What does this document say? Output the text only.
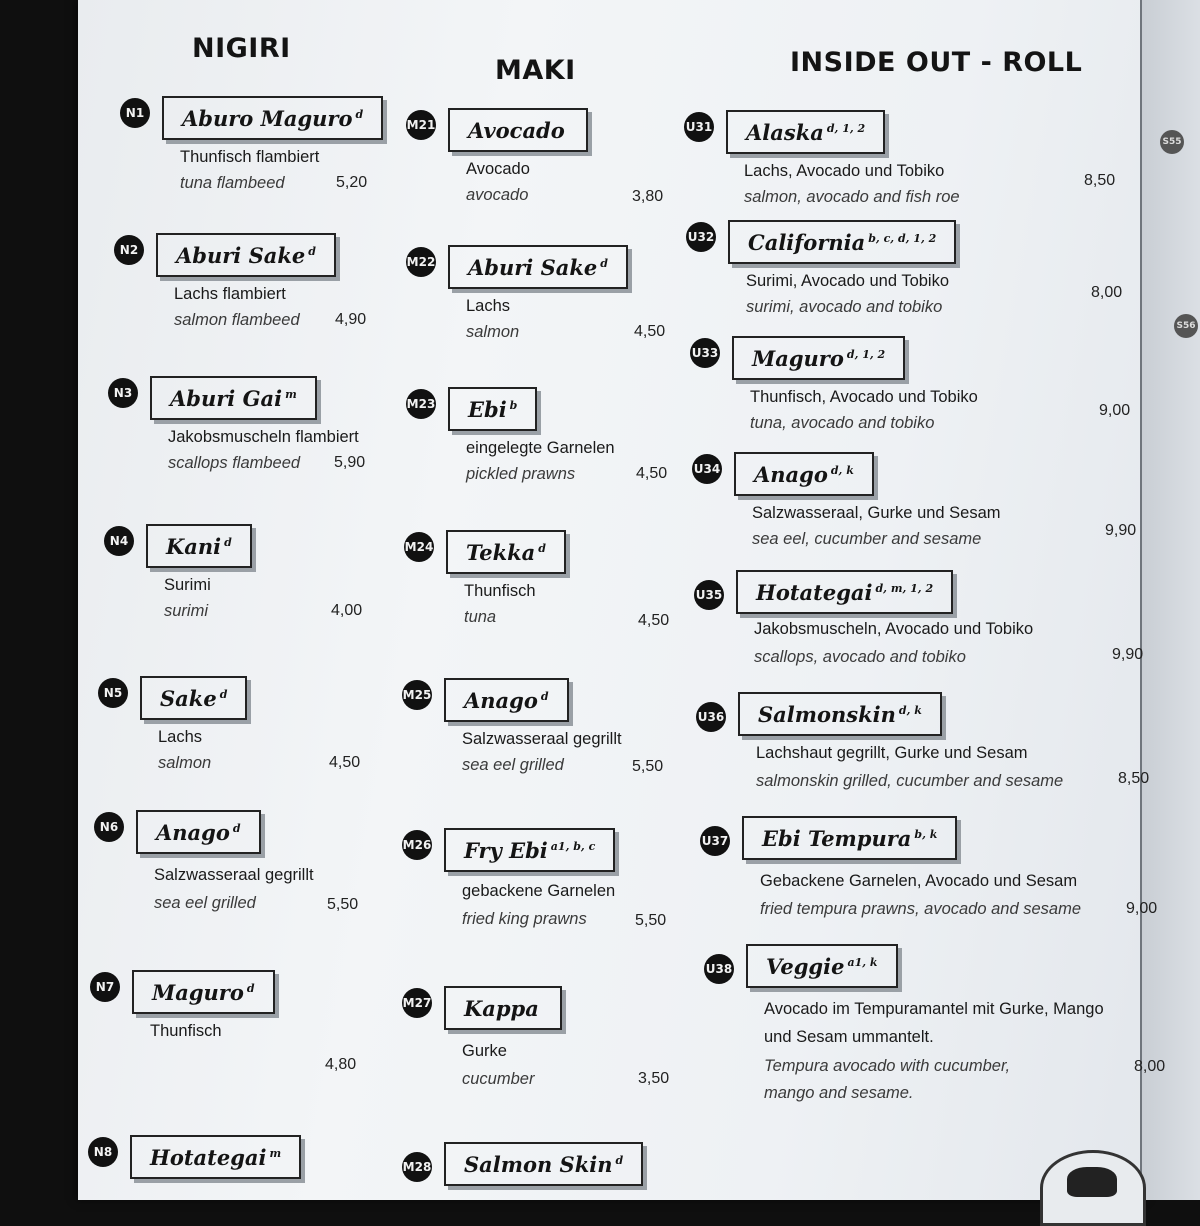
S55
S56
NIGIRI
MAKI	INSIDE OUT - ROLL
N1 Aburo Maguro $^d$
Thunfisch flambiert
tuna flambeed	5,20
N2 Aburi Sake $^d$
Lachs flambiert
salmon flambeed 4,90
N3 Aburi Gai $^m$
Jakobsmuscheln flambiert
scallops flambeed 5,90
N4 Kani $^d$
Surimi
surimi	4,00
N5 Sake $^d$
Lachs
salmon	4,50
N6 Anago $^d$
Salzwasseraal gegrillt
sea eel grilled	5,50
N7 Maguro $^d$
Thunfisch
4,80
N8 Hotategai $^m$
M21 Avocado
Avocado
avocado	3,80
M22 Aburi Sake $^d$
Lachs
salmon	4,50
M23 Ebi $^b$
eingelegte Garnelen
pickled prawns	4,50
M24 Tekka $^d$
Thunfisch
tuna	4,50
M25 Anago $^d$
Salzwasseraal gegrillt
sea eel grilled	5,50
M26 Fry Ebi $^{a1, b, c}$
gebackene Garnelen
fried king prawns	5,50
M27 Kappa
Gurke
cucumber	3,50
M28 Salmon Skin $^d$
U31 Alaska $^{d, 1, 2}$
Lachs, Avocado und Tobiko
salmon, avocado and fish roe
8,50
U32 California $^{b, c, d, 1, 2}$
Surimi, Avocado und Tobiko
surimi, avocado and tobiko
8,00
U33 Maguro $^{d, 1, 2}$
Thunfisch, Avocado und Tobiko
tuna, avocado and tobiko
9,00
U34 Anago $^{d, k}$
Salzwasseraal, Gurke und Sesam
sea eel, cucumber and sesame	9,90
U35 Hotategai $^{d, m, 1, 2}$
Jakobsmuscheln, Avocado und Tobiko
scallops, avocado and tobiko	9,90
U36 Salmonskin $^{d, k}$
Lachshaut gegrillt, Gurke und Sesam
salmonskin grilled, cucumber and sesame	8,50
U37 Ebi Tempura $^{b, k}$
Gebackene Garnelen, Avocado und Sesam
fried tempura prawns, avocado and sesame	9,00
U38 Veggie $^{a1, k}$
Avocado im Tempuramantel mit Gurke, Mango
und Sesam ummantelt.
Tempura avocado with cucumber,
mango and sesame.
8,00
